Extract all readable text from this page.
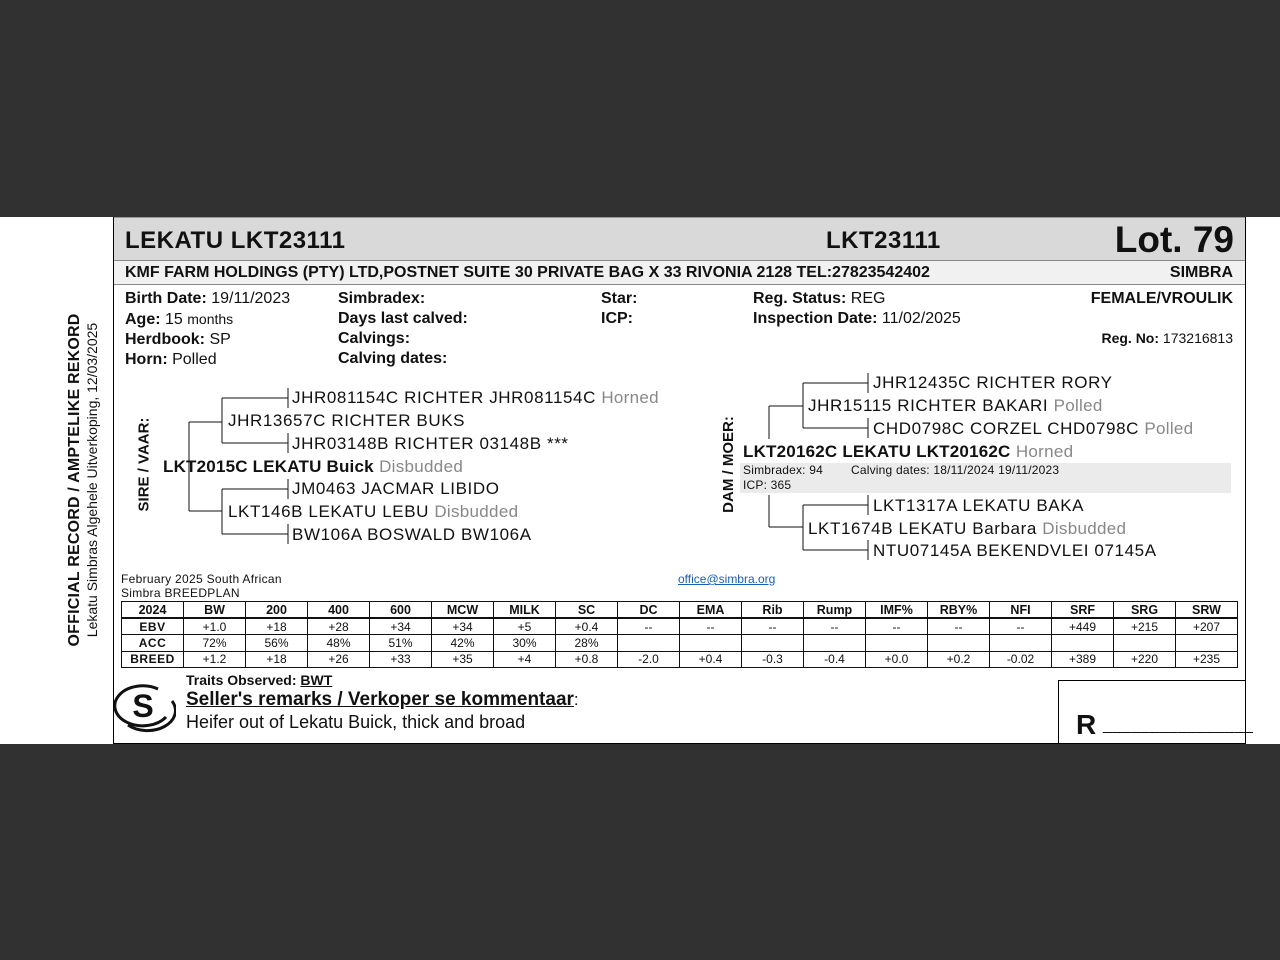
OFFICIAL RECORD / AMPTELIKE REKORD Lekatu Simbras Algehele Uitverkoping, 12/03/2025
LEKATU LKT23111	LKT23111	Lot. 79
KMF FARM HOLDINGS (PTY) LTD,POSTNET SUITE 30 PRIVATE BAG X 33 RIVONIA 2128 TEL:27823542402	SIMBRA
Birth Date: 19/11/2023
Age: 15 months
Herdbook: SP
Horn: Polled
Simbradex:
Days last calved:
Calvings:
Calving dates:
Star:
ICP:
Reg. Status: REG
Inspection Date: 11/02/2025
FEMALE/VROULIK
Reg. No: 173216813
SIRE / VAAR:	DAM / MOER:
JHR081154C RICHTER JHR081154C Horned
JHR13657C RICHTER BUKS
JHR03148B RICHTER 03148B ***
LKT2015C LEKATU Buick Disbudded
JM0463 JACMAR LIBIDO
LKT146B LEKATU LEBU Disbudded
BW106A BOSWALD BW106A
JHR12435C RICHTER RORY
JHR15115 RICHTER BAKARI Polled
CHD0798C CORZEL CHD0798C Polled
LKT20162C LEKATU LKT20162C Horned
Simbradex: 94 Calving dates: 18/11/2024 19/11/2023
ICP: 365
LKT1317A LEKATU BAKA
LKT1674B LEKATU Barbara Disbudded
NTU07145A BEKENDVLEI 07145A
February 2025 South African
Simbra BREEDPLAN
office@simbra.org
2024	BW	200	400	600	MCW	MILK	SC	DC	EMA	Rib	Rump	IMF%	RBY%	NFI	SRF	SRG	SRW
EBV	+1.0	+18	+28	+34	+34	+5	+0.4	--	--	--	--	--	--	--	+449	+215	+207
ACC	72%	56%	48%	51%	42%	30%	28%										
BREED	+1.2	+18	+26	+33	+35	+4	+0.8	-2.0	+0.4	-0.3	-0.4	+0.0	+0.2	-0.02	+389	+220	+235
S
Traits Observed: BWT
Seller's remarks / Verkoper se kommentaar:
Heifer out of Lekatu Buick, thick and broad	R ________________
